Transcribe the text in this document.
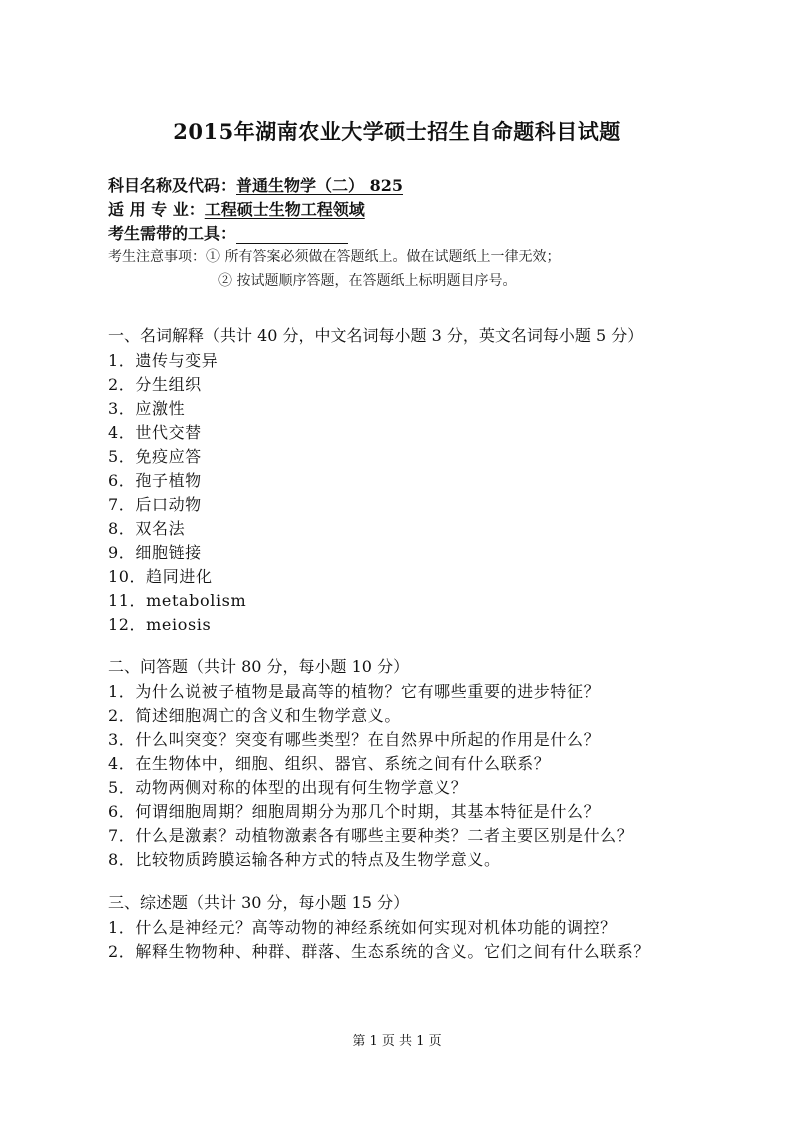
2015年湖南农业大学硕士招生自命题科目试题
科目名称及代码：普通生物学（二） 825
适 用 专 业：工程硕士生物工程领域
考生需带的工具：
考生注意事项：① 所有答案必须做在答题纸上。做在试题纸上一律无效；
② 按试题顺序答题，在答题纸上标明题目序号。
一、名词解释（共计 40 分，中文名词每小题 3 分，英文名词每小题 5 分）
1．遗传与变异
2．分生组织
3．应激性
4．世代交替
5．免疫应答
6．孢子植物
7．后口动物
8．双名法
9．细胞链接
10．趋同进化
11．metabolism
12．meiosis
二、问答题（共计 80 分，每小题 10 分）
1．为什么说被子植物是最高等的植物？它有哪些重要的进步特征？
2．简述细胞凋亡的含义和生物学意义。
3．什么叫突变？突变有哪些类型？在自然界中所起的作用是什么？
4．在生物体中，细胞、组织、器官、系统之间有什么联系？
5．动物两侧对称的体型的出现有何生物学意义？
6．何谓细胞周期？细胞周期分为那几个时期，其基本特征是什么？
7．什么是激素？动植物激素各有哪些主要种类？二者主要区别是什么？
8．比较物质跨膜运输各种方式的特点及生物学意义。
三、综述题（共计 30 分，每小题 15 分）
1．什么是神经元？高等动物的神经系统如何实现对机体功能的调控？
2．解释生物物种、种群、群落、生态系统的含义。它们之间有什么联系？
第 1 页 共 1 页
